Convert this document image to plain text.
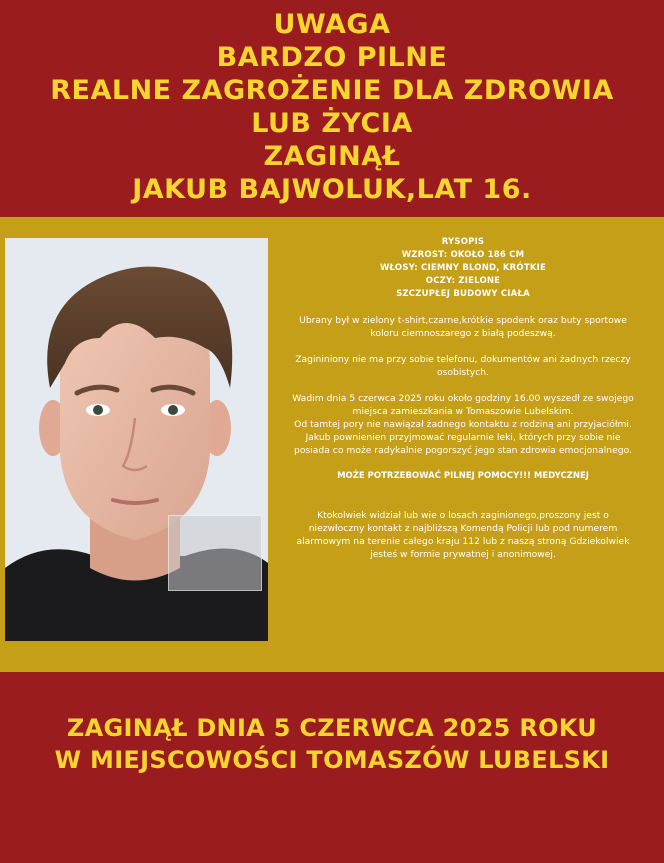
UWAGA
BARDZO PILNE
REALNE ZAGROŻENIE DLA ZDROWIA
LUB ŻYCIA
ZAGINĄŁ
JAKUB BAJWOLUK,LAT 16.

RYSOPIS

WZROST: OKOŁO 186 CM

WŁOSY: CIEMNY BLOND, KRÓTKIE

OCZY: ZIELONE

SZCZUPŁEJ BUDOWY CIAŁA

Ubrany był w zielony t-shirt,czarne,krótkie spodenk oraz buty sportowe koloru ciemnoszarego z białą podeszwą.

Zagininiony nie ma przy sobie telefonu, dokumentów ani żadnych rzeczy osobistych.

Wadim dnia 5 czerwca 2025 roku około godziny 16.00 wyszedł ze swojego miejsca zamieszkania w Tomaszowie Lubelskim.

Od tamtej pory nie nawiązał żadnego kontaktu z rodziną ani przyjaciółmi.

Jakub pownienien przyjmować regularnie leki, których przy sobie nie posiada co może radykalnie pogorszyć jego stan zdrowia emocjonalnego.

MOŻE POTRZEBOWAĆ PILNEJ POMOCY!!! MEDYCZNEJ

Ktokolwiek widział lub wie o losach zaginionego,proszony jest o niezwłoczny kontakt z najbliższą Komendą Policji lub pod numerem alarmowym na terenie całego kraju 112 lub z naszą stroną Gdziekolwiek jesteś w formie prywatnej i anonimowej.

ZAGINĄŁ DNIA 5 CZERWCA 2025 ROKU
W MIEJSCOWOŚCI TOMASZÓW LUBELSKI
